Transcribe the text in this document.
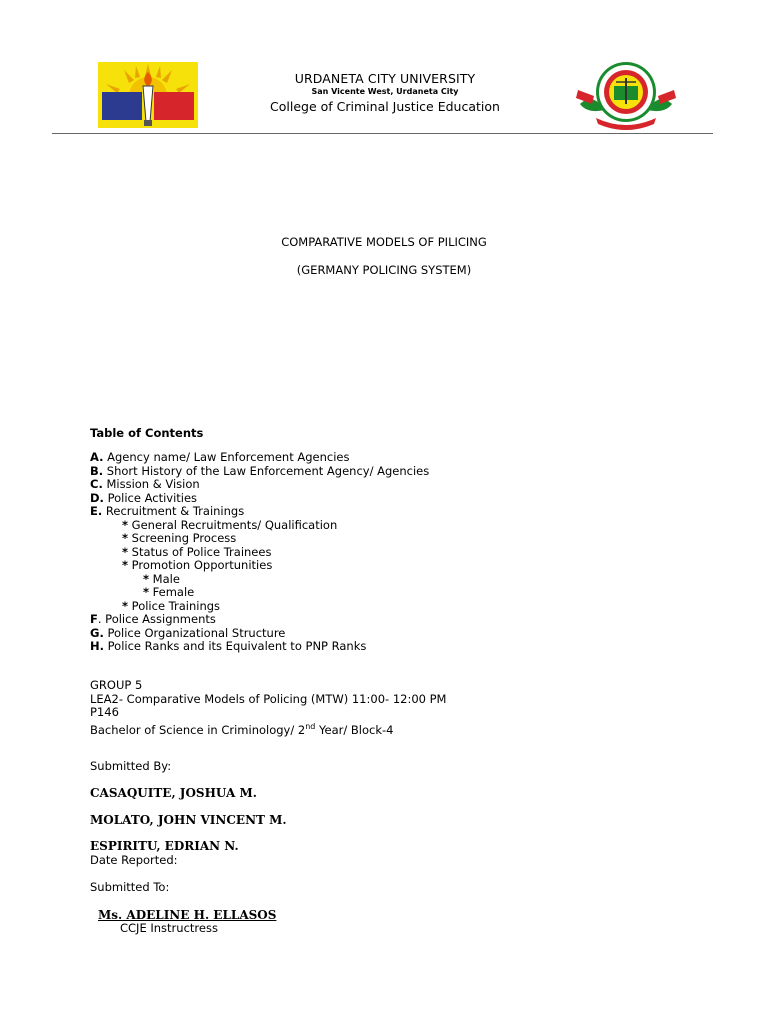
URDANETA CITY UNIVERSITY
San Vicente West, Urdaneta City
College of Criminal Justice Education
COMPARATIVE MODELS OF PILICING
(GERMANY POLICING SYSTEM)
Table of Contents
A. Agency name/ Law Enforcement Agencies
B. Short History of the Law Enforcement Agency/ Agencies
C. Mission & Vision
D. Police Activities
E. Recruitment & Trainings
* General Recruitments/ Qualification
* Screening Process
* Status of Police Trainees
* Promotion Opportunities
* Male
* Female
* Police Trainings
F. Police Assignments
G. Police Organizational Structure
H. Police Ranks and its Equivalent to PNP Ranks
GROUP 5
LEA2- Comparative Models of Policing (MTW) 11:00- 12:00 PM
P146
Bachelor of Science in Criminology/ 2nd Year/ Block-4
Submitted By:
CASAQUITE, JOSHUA M.
MOLATO, JOHN VINCENT M.
ESPIRITU, EDRIAN N.
Date Reported:
Submitted To:
Ms. ADELINE H. ELLASOS
CCJE Instructress
